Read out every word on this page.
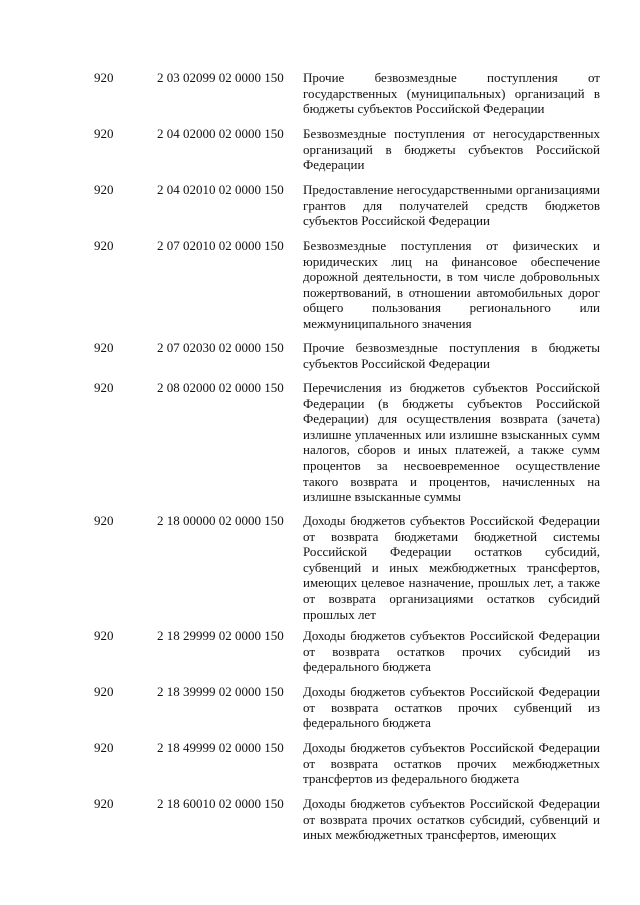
920	2 03 02099 02 0000 150	Прочие безвозмездные поступления от государственных (муниципальных) организаций в бюджеты субъектов Российской Федерации
920	2 04 02000 02 0000 150	Безвозмездные поступления от негосударственных организаций в бюджеты субъектов Российской Федерации
920	2 04 02010 02 0000 150	Предоставление негосударственными организациями грантов для получателей средств бюджетов субъектов Российской Федерации
920	2 07 02010 02 0000 150	Безвозмездные поступления от физических и юридических лиц на финансовое обеспечение дорожной деятельности, в том числе добровольных пожертвований, в отношении автомобильных дорог общего пользования регионального или межмуниципального значения
920	2 07 02030 02 0000 150	Прочие безвозмездные поступления в бюджеты субъектов Российской Федерации
920	2 08 02000 02 0000 150	Перечисления из бюджетов субъектов Российской Федерации (в бюджеты субъектов Российской Федерации) для осуществления возврата (зачета) излишне уплаченных или излишне взысканных сумм налогов, сборов и иных платежей, а также сумм процентов за несвоевременное осуществление такого возврата и процентов, начисленных на излишне взысканные суммы
920	2 18 00000 02 0000 150	Доходы бюджетов субъектов Российской Федерации от возврата бюджетами бюджетной системы Российской Федерации остатков субсидий, субвенций и иных межбюджетных трансфертов, имеющих целевое назначение, прошлых лет, а также от возврата организациями остатков субсидий прошлых лет
920	2 18 29999 02 0000 150	Доходы бюджетов субъектов Российской Федерации от возврата остатков прочих субсидий из федерального бюджета
920	2 18 39999 02 0000 150	Доходы бюджетов субъектов Российской Федерации от возврата остатков прочих субвенций из федерального бюджета
920	2 18 49999 02 0000 150	Доходы бюджетов субъектов Российской Федерации от возврата остатков прочих межбюджетных трансфертов из федерального бюджета
920	2 18 60010 02 0000 150	Доходы бюджетов субъектов Российской Федерации от возврата прочих остатков субсидий, субвенций и иных межбюджетных трансфертов, имеющих
